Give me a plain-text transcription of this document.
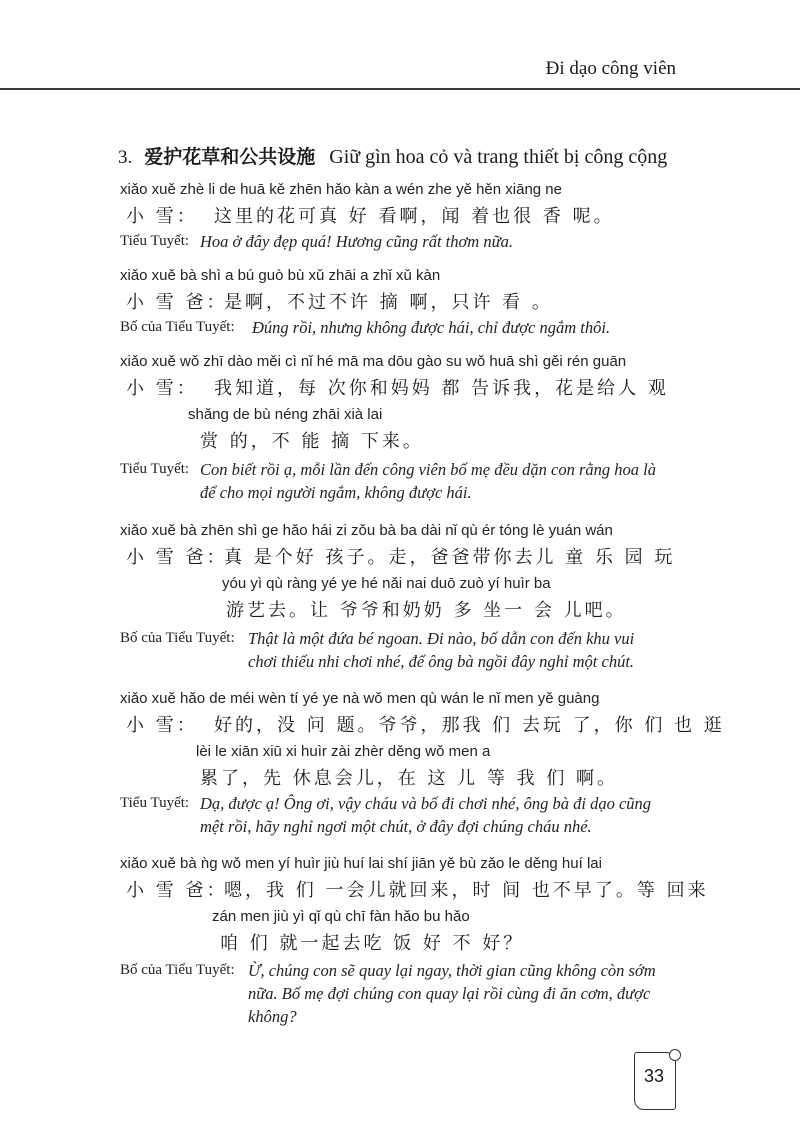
Đi dạo công viên
3. 爱护花草和公共设施 Giữ gìn hoa cỏ và trang thiết bị công cộng
xiǎo xuě zhè li de huā kě zhēn hǎo kàn a wén zhe yě hěn xiāng ne
小 雪： 这里的花可真 好 看啊，闻 着也很 香 呢。
Tiểu Tuyết: Hoa ở đây đẹp quá! Hương cũng rất thơm nữa.
xiǎo xuě bà shì a bú guò bù xǔ zhāi a zhǐ xǔ kàn
小 雪 爸：是啊，不过不许 摘 啊，只许 看 。
Bố của Tiểu Tuyết: Đúng rồi, nhưng không được hái, chỉ được ngắm thôi.
xiǎo xuě wǒ zhī dào měi cì nǐ hé mā ma dōu gào su wǒ huā shì gěi rén guān
小 雪： 我知道，每 次你和妈妈 都 告诉我，花是给人 观
shǎng de bù néng zhāi xià lai
赏 的，不 能 摘 下来。
Tiểu Tuyết: Con biết rồi ạ, mỗi lần đến công viên bố mẹ đều dặn con rằng hoa là
để cho mọi người ngắm, không được hái.
xiǎo xuě bà zhēn shì ge hǎo hái zi zǒu bà ba dài nǐ qù ér tóng lè yuán wán
小 雪 爸：真 是个好 孩子。走，爸爸带你去儿 童 乐 园 玩
yóu yì qù ràng yé ye hé nǎi nai duō zuò yí huìr ba
游艺去。让 爷爷和奶奶 多 坐一 会 儿吧。
Bố của Tiểu Tuyết: Thật là một đứa bé ngoan. Đi nào, bố dẫn con đến khu vui
chơi thiếu nhi chơi nhé, để ông bà ngồi đây nghỉ một chút.
xiǎo xuě hǎo de méi wèn tí yé ye nà wǒ men qù wán le nǐ men yě guàng
小 雪： 好的，没 问 题。爷爷，那我 们 去玩 了，你 们 也 逛
lèi le xiān xiū xi huìr zài zhèr děng wǒ men a
累了，先 休息会儿，在 这 儿 等 我 们 啊。
Tiểu Tuyết: Dạ, được ạ! Ông ơi, vậy cháu và bố đi chơi nhé, ông bà đi dạo cũng
mệt rồi, hãy nghỉ ngơi một chút, ở đây đợi chúng cháu nhé.
xiǎo xuě bà ǹg wǒ men yí huìr jiù huí lai shí jiān yě bù zǎo le děng huí lai
小 雪 爸：嗯，我 们 一会儿就回来，时 间 也不早了。等 回来
zán men jiù yì qǐ qù chī fàn hǎo bu hǎo
咱 们 就一起去吃 饭 好 不 好？
Bố của Tiểu Tuyết: Ừ, chúng con sẽ quay lại ngay, thời gian cũng không còn sớm
nữa. Bố mẹ đợi chúng con quay lại rồi cùng đi ăn cơm, được
không?
33
